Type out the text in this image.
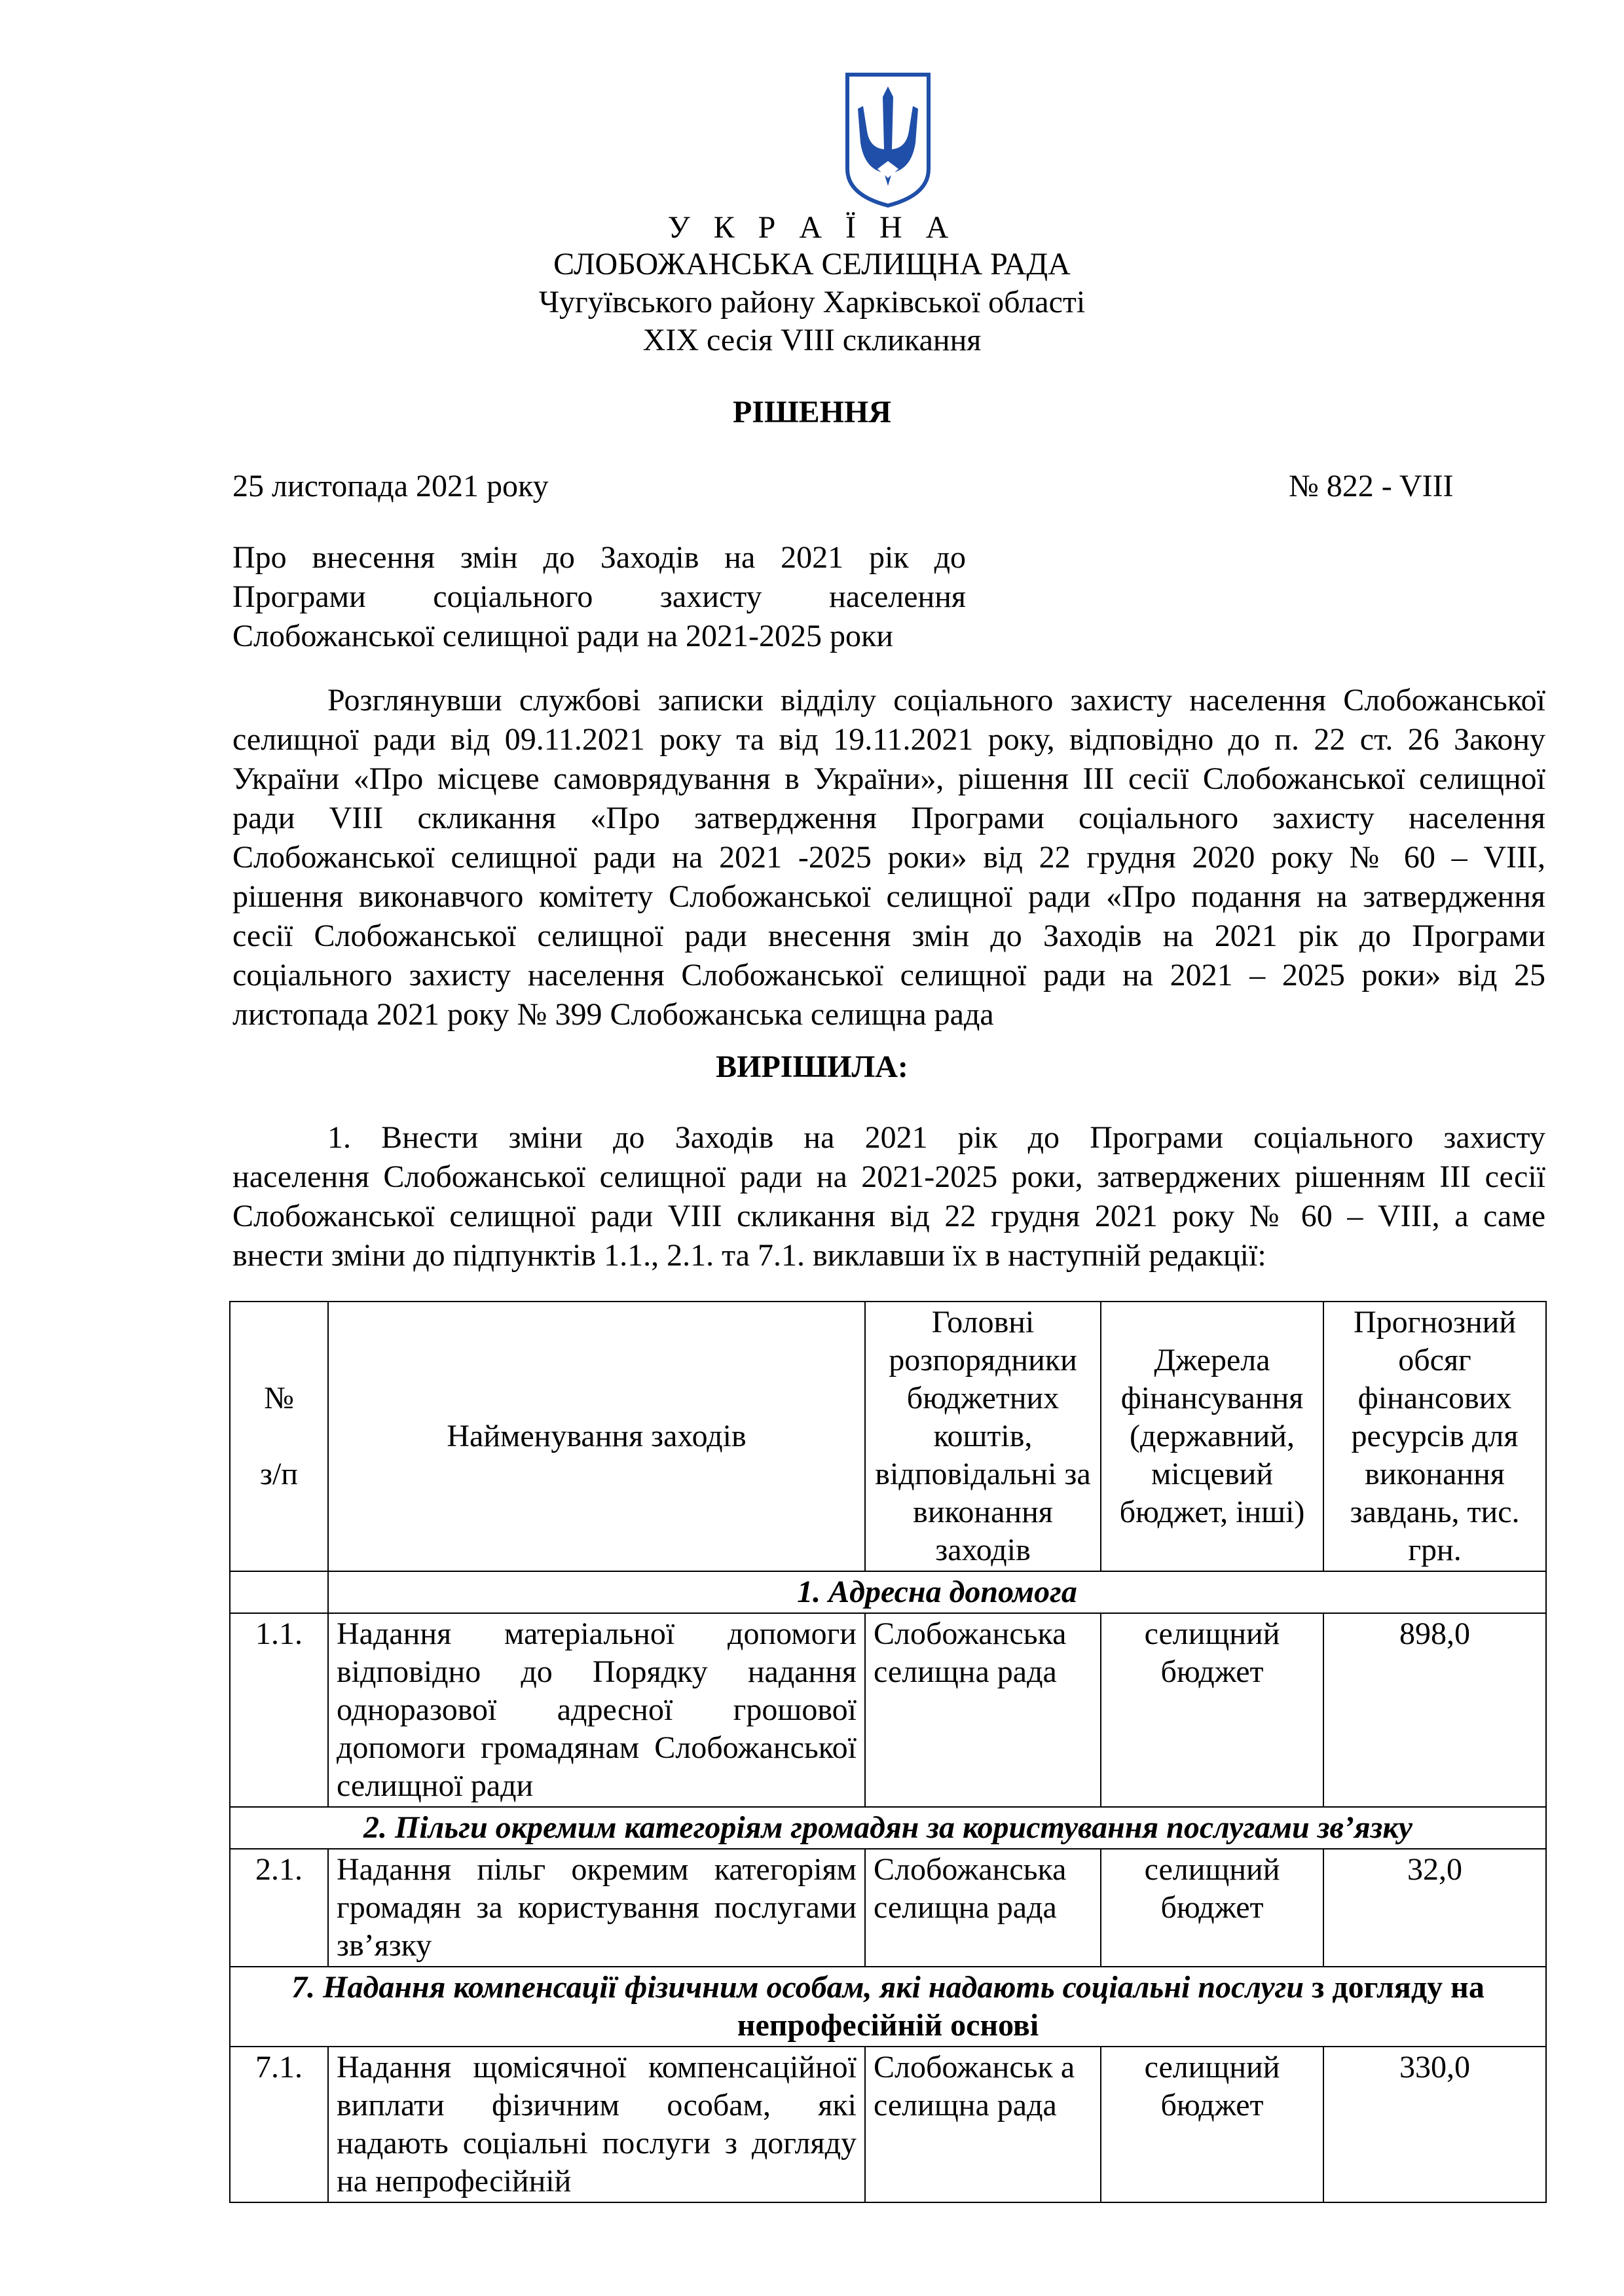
У К Р А Ї Н А
СЛОБОЖАНСЬКА СЕЛИЩНА РАДА
Чугуївського району Харківської області
XIX сесія VIII скликання
РІШЕННЯ
25 листопада 2021 року	№ 822 - VIII
Про внесення змін до Заходів на 2021 рік до
Програми соціального захисту населення
Слобожанської селищної ради на 2021-2025 роки
Розглянувши службові записки відділу соціального захисту населення Слобожанської
селищної ради від 09.11.2021 року та від 19.11.2021 року, відповідно до п. 22 ст. 26 Закону
України «Про місцеве самоврядування в України», рішення ІІІ сесії Слобожанської селищної
ради VIII скликання «Про затвердження Програми соціального захисту населення
Слобожанської селищної ради на 2021 -2025 роки» від 22 грудня 2020 року № 60 – VIII,
рішення виконавчого комітету Слобожанської селищної ради «Про подання на затвердження
сесії Слобожанської селищної ради внесення змін до Заходів на 2021 рік до Програми
соціального захисту населення Слобожанської селищної ради на 2021 – 2025 роки» від 25
листопада 2021 року № 399 Слобожанська селищна рада
ВИРІШИЛА:
1. Внести зміни до Заходів на 2021 рік до Програми соціального захисту
населення Слобожанської селищної ради на 2021-2025 роки, затверджених рішенням ІІІ сесії
Слобожанської селищної ради VIII скликання від 22 грудня 2021 року № 60 – VIII, а саме
внести зміни до підпунктів 1.1., 2.1. та 7.1. виклавши їх в наступній редакції:
№

з/п	Найменування заходів	Головні розпорядники бюджетних коштів, відповідальні за виконання заходів	Джерела фінансування (державний, місцевий бюджет, інші)	Прогнозний обсяг фінансових ресурсів для виконання завдань, тис. грн.
	1. Адресна допомога			
1.1.	Надання матеріальної допомоги відповідно до Порядку надання одноразової адресної грошової допомоги громадянам Слобожанської селищної ради	Слобожанська селищна рада	селищний бюджет	898,0
2. Пільги окремим категоріям громадян за користування послугами зв’язку				
2.1.	Надання пільг окремим категоріям громадян за користування послугами зв’язку	Слобожанська селищна рада	селищний бюджет	32,0
7. Надання компенсації фізичним особам, які надають соціальні послуги з догляду на непрофесійній основі				
7.1.	Надання щомісячної компенсаційної виплати фізичним особам, які надають соціальні послуги з догляду на непрофесійній	Слобожанськ а селищна рада	селищний бюджет	330,0
